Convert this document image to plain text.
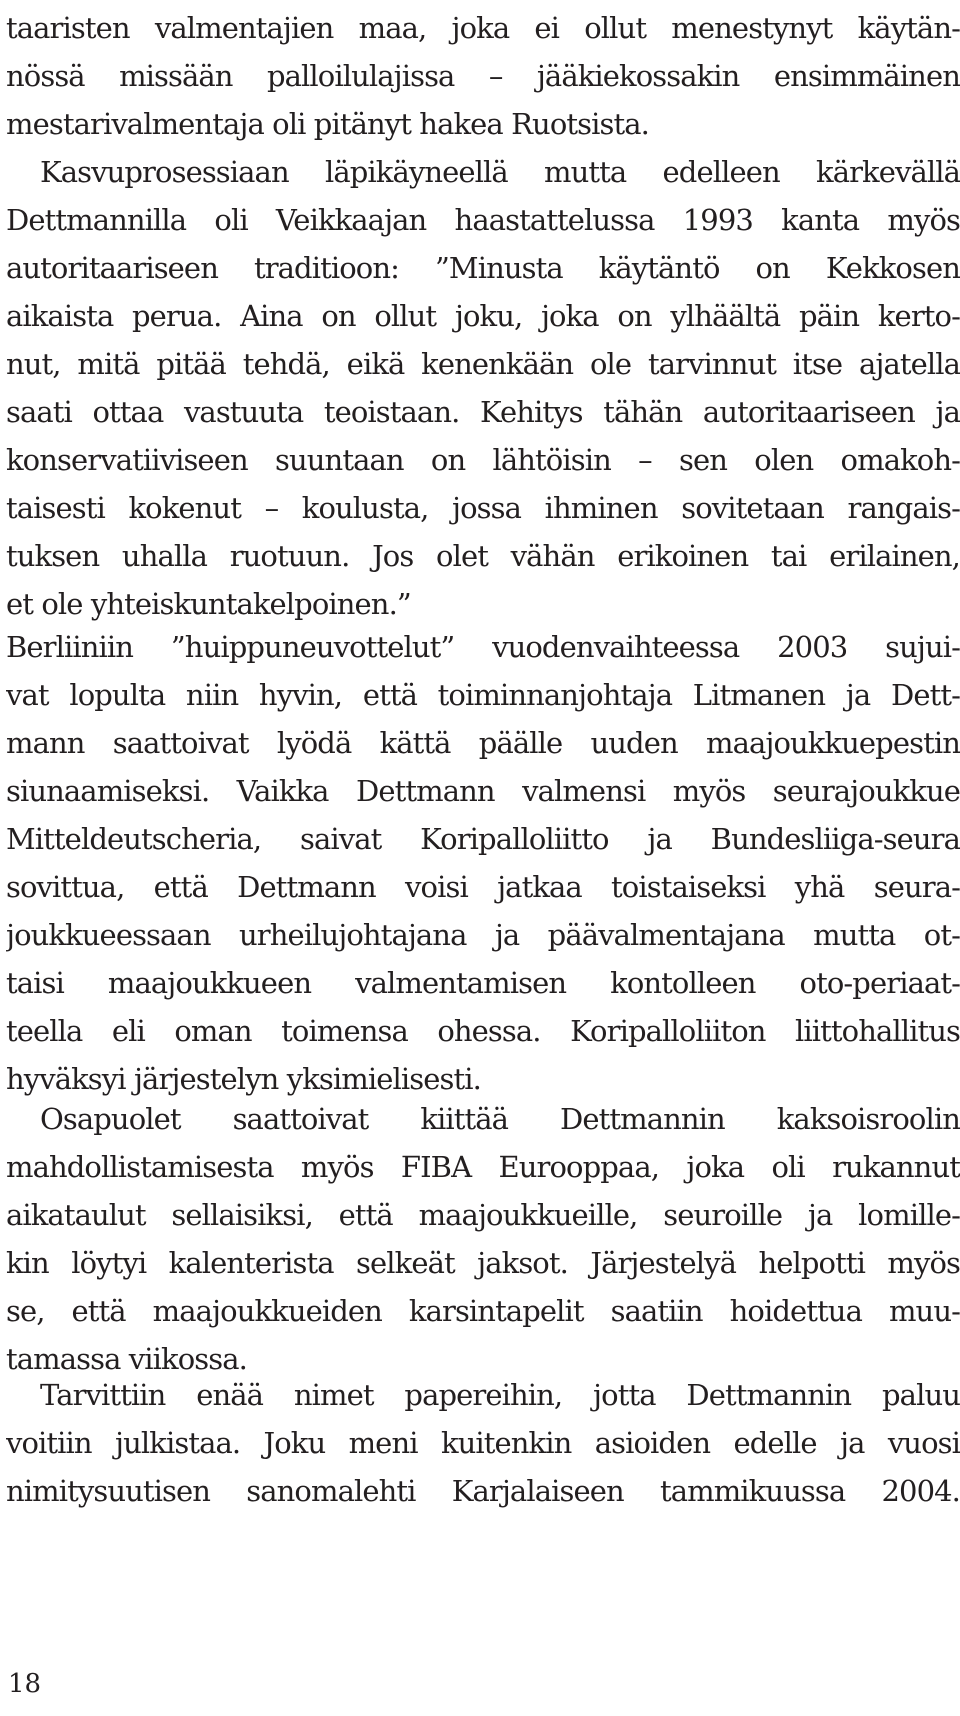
taaristen valmentajien maa, joka ei ollut menestynyt käytän-
nössä missään palloilulajissa – jääkiekossakin ensimmäinen
mestarivalmentaja oli pitänyt hakea Ruotsista.
Kasvuprosessiaan läpikäyneellä mutta edelleen kärkevällä
Dettmannilla oli Veikkaajan haastattelussa 1993 kanta myös
autoritaariseen traditioon: ”Minusta käytäntö on Kekkosen
aikaista perua. Aina on ollut joku, joka on ylhäältä päin kerto-
nut, mitä pitää tehdä, eikä kenenkään ole tarvinnut itse ajatella
saati ottaa vastuuta teoistaan. Kehitys tähän autoritaariseen ja
konservatiiviseen suuntaan on lähtöisin – sen olen omakoh-
taisesti kokenut – koulusta, jossa ihminen sovitetaan rangais-
tuksen uhalla ruotuun. Jos olet vähän erikoinen tai erilainen,
et ole yhteiskuntakelpoinen.”
Berliiniin ”huippuneuvottelut” vuodenvaihteessa 2003 sujui-
vat lopulta niin hyvin, että toiminnanjohtaja Litmanen ja Dett-
mann saattoivat lyödä kättä päälle uuden maajoukkuepestin
siunaamiseksi. Vaikka Dettmann valmensi myös seurajoukkue
Mitteldeutscheria, saivat Koripalloliitto ja Bundesliiga-seura
sovittua, että Dettmann voisi jatkaa toistaiseksi yhä seura-
joukkueessaan urheilujohtajana ja päävalmentajana mutta ot-
taisi maajoukkueen valmentamisen kontolleen oto-periaat-
teella eli oman toimensa ohessa. Koripalloliiton liittohallitus
hyväksyi järjestelyn yksimielisesti.
Osapuolet saattoivat kiittää Dettmannin kaksoisroolin
mahdollistamisesta myös FIBA Eurooppaa, joka oli rukannut
aikataulut sellaisiksi, että maajoukkueille, seuroille ja lomille-
kin löytyi kalenterista selkeät jaksot. Järjestelyä helpotti myös
se, että maajoukkueiden karsintapelit saatiin hoidettua muu-
tamassa viikossa.
Tarvittiin enää nimet papereihin, jotta Dettmannin paluu
voitiin julkistaa. Joku meni kuitenkin asioiden edelle ja vuosi
nimitysuutisen sanomalehti Karjalaiseen tammikuussa 2004.
18
